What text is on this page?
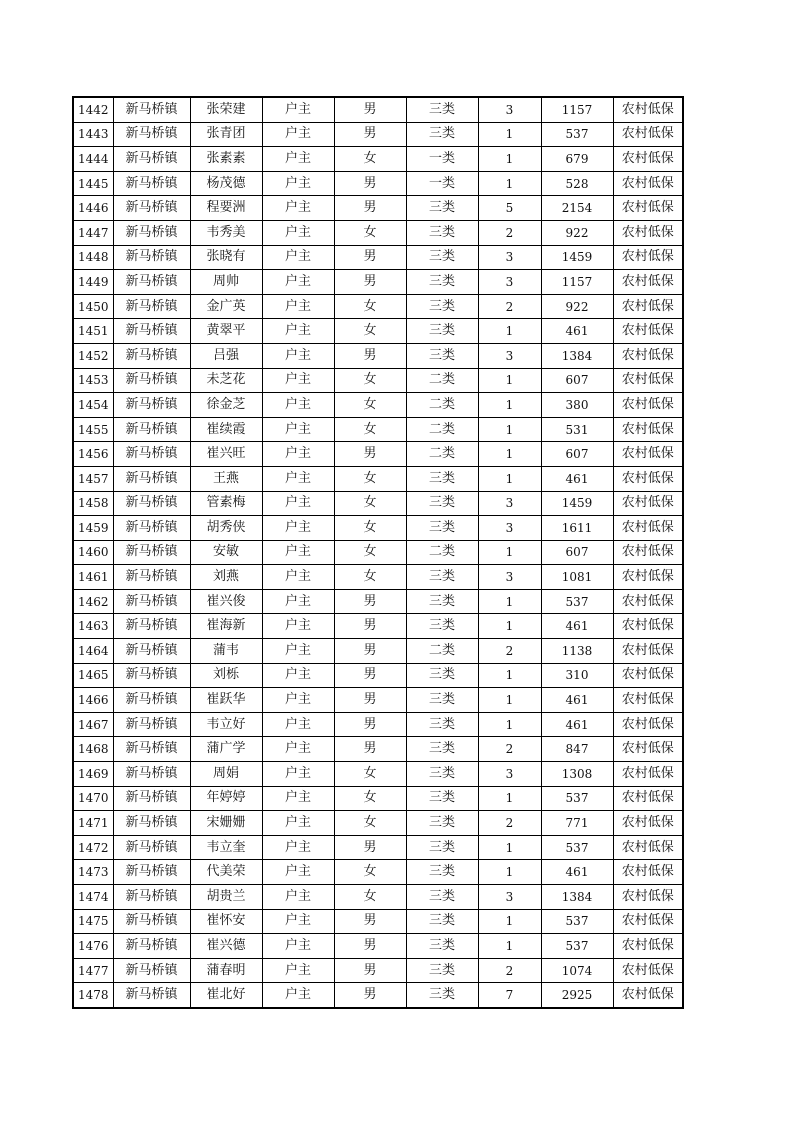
1442	新马桥镇	张荣建	户主	男	三类	3	1157	农村低保
1443	新马桥镇	张青团	户主	男	三类	1	537	农村低保
1444	新马桥镇	张素素	户主	女	一类	1	679	农村低保
1445	新马桥镇	杨茂德	户主	男	一类	1	528	农村低保
1446	新马桥镇	程要洲	户主	男	三类	5	2154	农村低保
1447	新马桥镇	韦秀美	户主	女	三类	2	922	农村低保
1448	新马桥镇	张晓有	户主	男	三类	3	1459	农村低保
1449	新马桥镇	周帅	户主	男	三类	3	1157	农村低保
1450	新马桥镇	金广英	户主	女	三类	2	922	农村低保
1451	新马桥镇	黄翠平	户主	女	三类	1	461	农村低保
1452	新马桥镇	吕强	户主	男	三类	3	1384	农村低保
1453	新马桥镇	未芝花	户主	女	二类	1	607	农村低保
1454	新马桥镇	徐金芝	户主	女	二类	1	380	农村低保
1455	新马桥镇	崔续霞	户主	女	二类	1	531	农村低保
1456	新马桥镇	崔兴旺	户主	男	二类	1	607	农村低保
1457	新马桥镇	王燕	户主	女	三类	1	461	农村低保
1458	新马桥镇	管素梅	户主	女	三类	3	1459	农村低保
1459	新马桥镇	胡秀侠	户主	女	三类	3	1611	农村低保
1460	新马桥镇	安敏	户主	女	二类	1	607	农村低保
1461	新马桥镇	刘燕	户主	女	三类	3	1081	农村低保
1462	新马桥镇	崔兴俊	户主	男	三类	1	537	农村低保
1463	新马桥镇	崔海新	户主	男	三类	1	461	农村低保
1464	新马桥镇	蒲韦	户主	男	二类	2	1138	农村低保
1465	新马桥镇	刘栎	户主	男	三类	1	310	农村低保
1466	新马桥镇	崔跃华	户主	男	三类	1	461	农村低保
1467	新马桥镇	韦立好	户主	男	三类	1	461	农村低保
1468	新马桥镇	蒲广学	户主	男	三类	2	847	农村低保
1469	新马桥镇	周娟	户主	女	三类	3	1308	农村低保
1470	新马桥镇	年婷婷	户主	女	三类	1	537	农村低保
1471	新马桥镇	宋姗姗	户主	女	三类	2	771	农村低保
1472	新马桥镇	韦立奎	户主	男	三类	1	537	农村低保
1473	新马桥镇	代美荣	户主	女	三类	1	461	农村低保
1474	新马桥镇	胡贵兰	户主	女	三类	3	1384	农村低保
1475	新马桥镇	崔怀安	户主	男	三类	1	537	农村低保
1476	新马桥镇	崔兴德	户主	男	三类	1	537	农村低保
1477	新马桥镇	蒲春明	户主	男	三类	2	1074	农村低保
1478	新马桥镇	崔北好	户主	男	三类	7	2925	农村低保
